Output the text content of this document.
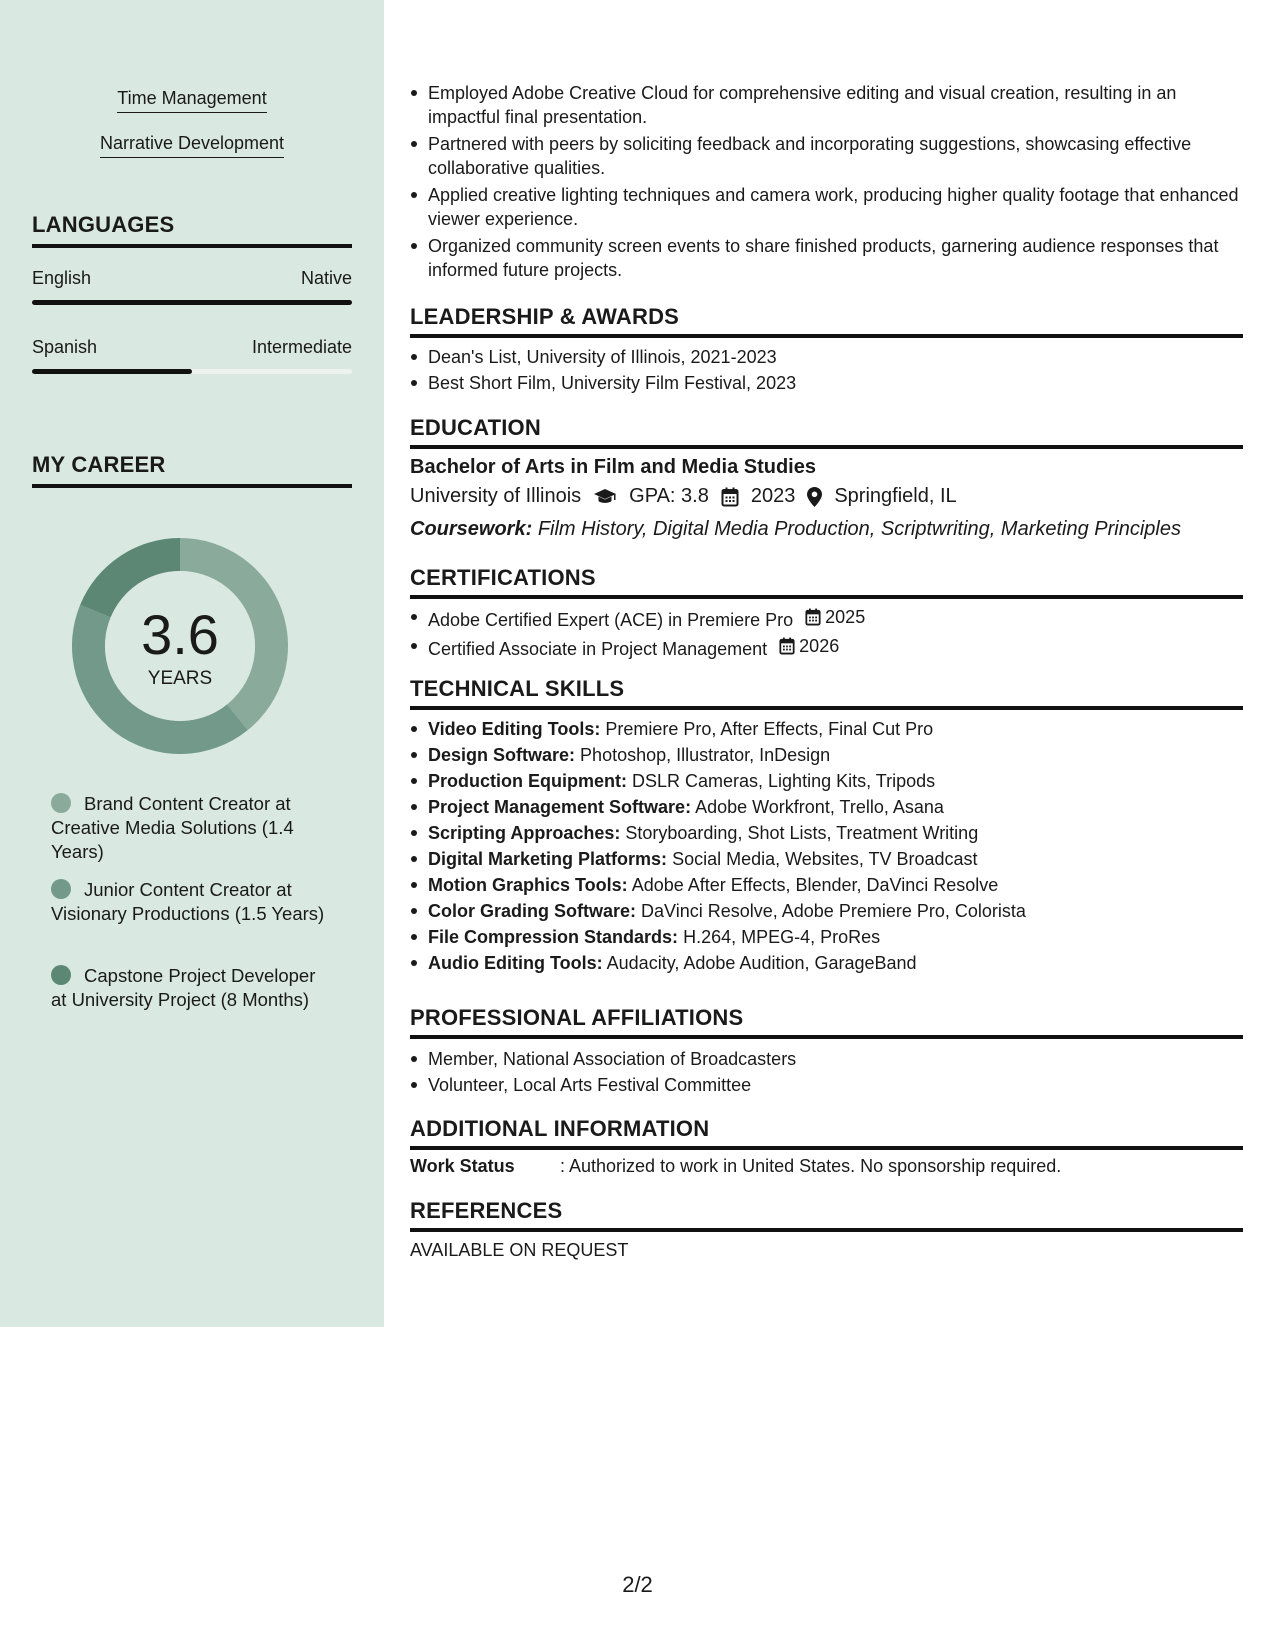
Time Management
Narrative Development
LANGUAGES
English	Native
Spanish	Intermediate
MY CAREER
3.6
YEARS
Brand Content Creator at Creative Media Solutions (1.4 Years)
Junior Content Creator at Visionary Productions (1.5 Years)
Capstone Project Developer at University Project (8 Months)
Employed Adobe Creative Cloud for comprehensive editing and visual creation, resulting in an impactful final presentation.
Partnered with peers by soliciting feedback and incorporating suggestions, showcasing effective collaborative qualities.
Applied creative lighting techniques and camera work, producing higher quality footage that enhanced viewer experience.
Organized community screen events to share finished products, garnering audience responses that informed future projects.
LEADERSHIP & AWARDS
Dean's List, University of Illinois, 2021-2023
Best Short Film, University Film Festival, 2023
EDUCATION
Bachelor of Arts in Film and Media Studies
University of Illinois GPA: 3.8 2023 Springfield, IL
Coursework: Film History, Digital Media Production, Scriptwriting, Marketing Principles
CERTIFICATIONS
Adobe Certified Expert (ACE) in Premiere Pro 2025
Certified Associate in Project Management 2026
TECHNICAL SKILLS
Video Editing Tools: Premiere Pro, After Effects, Final Cut Pro
Design Software: Photoshop, Illustrator, InDesign
Production Equipment: DSLR Cameras, Lighting Kits, Tripods
Project Management Software: Adobe Workfront, Trello, Asana
Scripting Approaches: Storyboarding, Shot Lists, Treatment Writing
Digital Marketing Platforms: Social Media, Websites, TV Broadcast
Motion Graphics Tools: Adobe After Effects, Blender, DaVinci Resolve
Color Grading Software: DaVinci Resolve, Adobe Premiere Pro, Colorista
File Compression Standards: H.264, MPEG-4, ProRes
Audio Editing Tools: Audacity, Adobe Audition, GarageBand
PROFESSIONAL AFFILIATIONS
Member, National Association of Broadcasters
Volunteer, Local Arts Festival Committee
ADDITIONAL INFORMATION
Work Status	: Authorized to work in United States. No sponsorship required.
REFERENCES
AVAILABLE ON REQUEST
2/2
